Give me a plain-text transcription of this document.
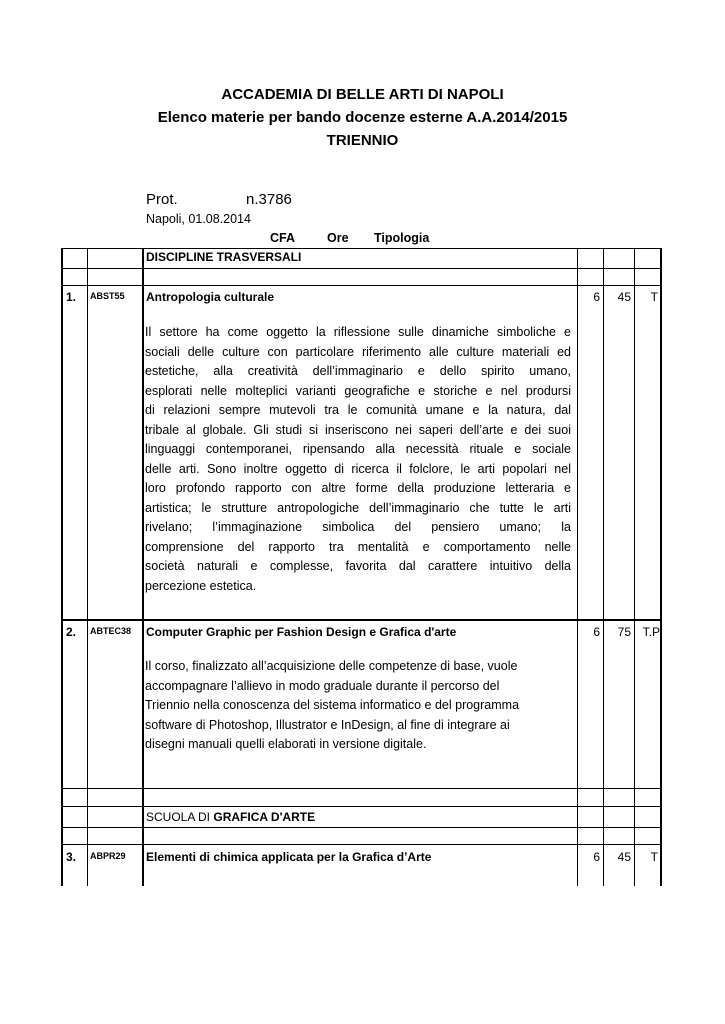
ACCADEMIA DI BELLE ARTI DI NAPOLI
Elenco materie per bando docenze esterne A.A.2014/2015
TRIENNIO
Prot.	n.3786
Napoli, 01.08.2014
CFA	Ore Tipologia
DISCIPLINE TRASVERSALI
1. ABST55 Antropologia culturale	6	45	T
Il settore ha come oggetto la riflessione sulle dinamiche simboliche e
sociali delle culture con particolare riferimento alle culture materiali ed
estetiche, alla creatività dell’immaginario e dello spirito umano,
esplorati nelle molteplici varianti geografiche e storiche e nel prodursi
di relazioni sempre mutevoli tra le comunità umane e la natura, dal
tribale al globale. Gli studi si inseriscono nei saperi dell’arte e dei suoi
linguaggi contemporanei, ripensando alla necessità rituale e sociale
delle arti. Sono inoltre oggetto di ricerca il folclore, le arti popolari nel
loro profondo rapporto con altre forme della produzione letteraria e
artistica; le strutture antropologiche dell’immaginario che tutte le arti
rivelano; l’immaginazione simbolica del pensiero umano; la
comprensione del rapporto tra mentalità e comportamento nelle
società naturali e complesse, favorita dal carattere intuitivo della
percezione estetica.
2. ABTEC38 Computer Graphic per Fashion Design e Grafica d'arte	6	75 T.P
Il corso, finalizzato all’acquisizione delle competenze di base, vuole
accompagnare l’allievo in modo graduale durante il percorso del
Triennio nella conoscenza del sistema informatico e del programma
software di Photoshop, Illustrator e InDesign, al fine di integrare ai
disegni manuali quelli elaborati in versione digitale.
SCUOLA DI GRAFICA D'ARTE
3. ABPR29 Elementi di chimica applicata per la Grafica d’Arte	6	45	T
